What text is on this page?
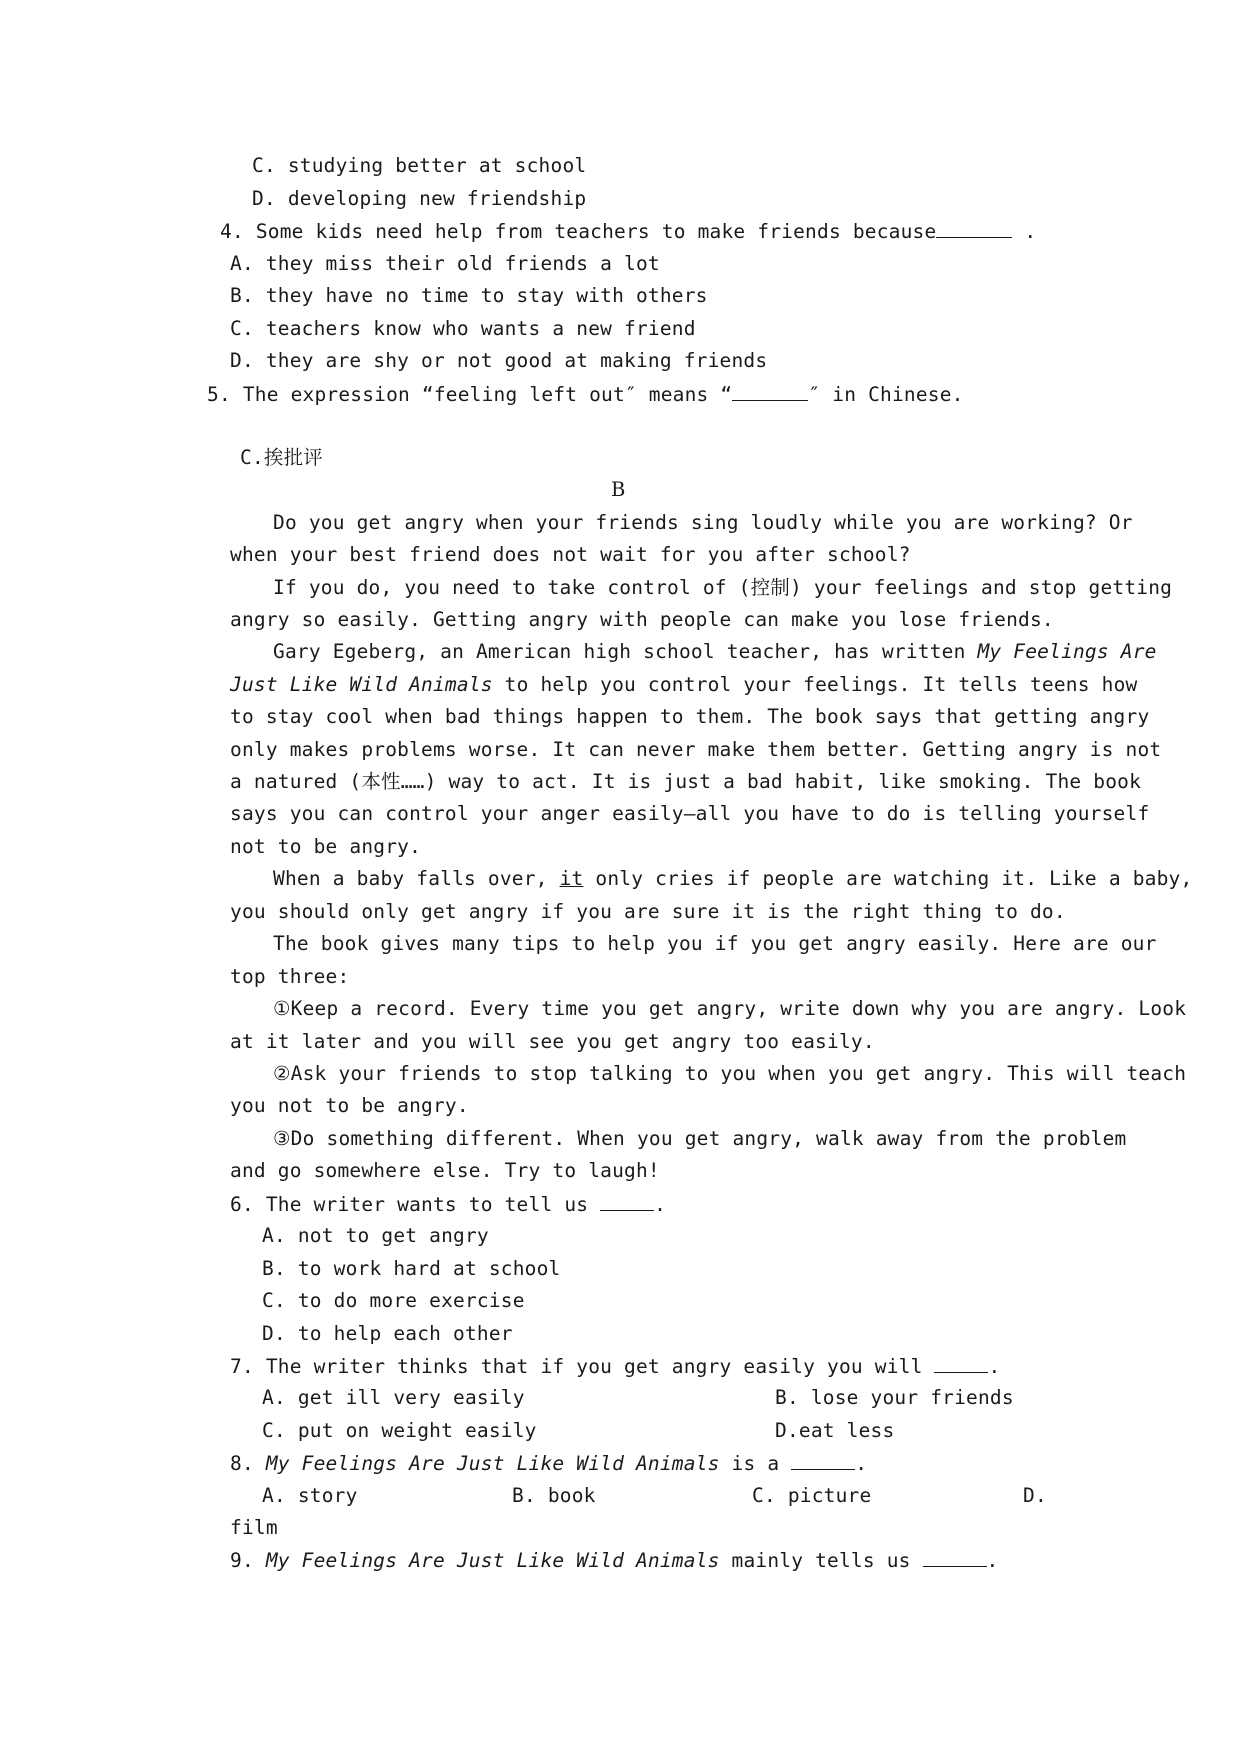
C. studying better at school
D. developing new friendship
4. Some kids need help from teachers to make friends because	.
A. they miss their old friends a lot
B. they have no time to stay with others
C. teachers know who wants a new friend
D. they are shy or not good at making friends
5. The expression “feeling left out″ means “	″ in Chinese.
C.挨批评
B
Do you get angry when your friends sing loudly while you are working? Or
when your best friend does not wait for you after school?
If you do, you need to take control of (控制) your feelings and stop getting
angry so easily. Getting angry with people can make you lose friends.
Gary Egeberg, an American high school teacher, has written My Feelings Are
Just Like Wild Animals to help you control your feelings. It tells teens how
to stay cool when bad things happen to them. The book says that getting angry
only makes problems worse. It can never make them better. Getting angry is not
a natured (本性……) way to act. It is just a bad habit, like smoking. The book
says you can control your anger easily—all you have to do is telling yourself
not to be angry.
When a baby falls over, it only cries if people are watching it. Like a baby,
you should only get angry if you are sure it is the right thing to do.
The book gives many tips to help you if you get angry easily. Here are our
top three:
①Keep a record. Every time you get angry, write down why you are angry. Look
at it later and you will see you get angry too easily.
②Ask your friends to stop talking to you when you get angry. This will teach
you not to be angry.
③Do something different. When you get angry, walk away from the problem
and go somewhere else. Try to laugh!
6. The writer wants to tell us	.
A. not to get angry
B. to work hard at school
C. to do more exercise
D. to help each other
7. The writer thinks that if you get angry easily you will	.
A. get ill very easily	B. lose your friends
C. put on weight easily	D.eat less
8. My Feelings Are Just Like Wild Animals is a	.
A. story	B. book	C. picture	D.
film
9. My Feelings Are Just Like Wild Animals mainly tells us	.
